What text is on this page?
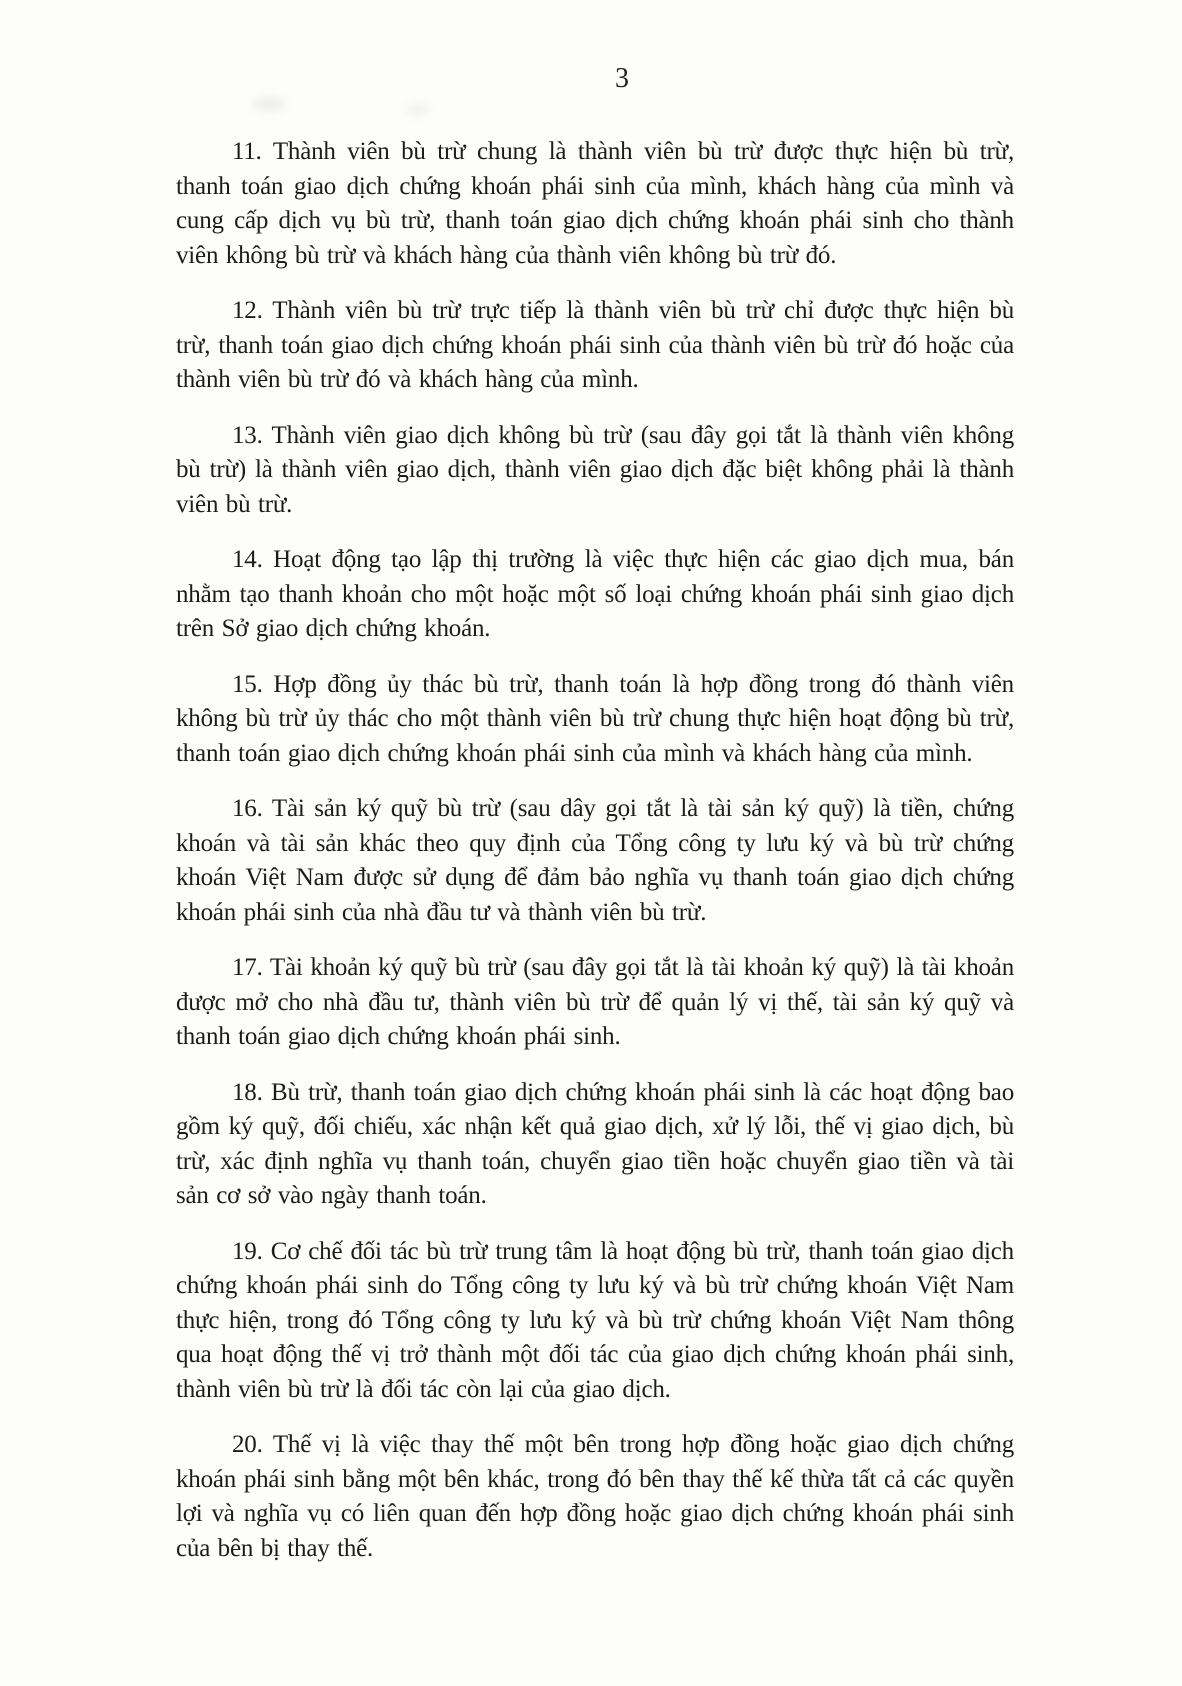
3

11. Thành viên bù trừ chung là thành viên bù trừ được thực hiện bù trừ, thanh toán giao dịch chứng khoán phái sinh của mình, khách hàng của mình và cung cấp dịch vụ bù trừ, thanh toán giao dịch chứng khoán phái sinh cho thành viên không bù trừ và khách hàng của thành viên không bù trừ đó.

12. Thành viên bù trừ trực tiếp là thành viên bù trừ chỉ được thực hiện bù trừ, thanh toán giao dịch chứng khoán phái sinh của thành viên bù trừ đó hoặc của thành viên bù trừ đó và khách hàng của mình.

13. Thành viên giao dịch không bù trừ (sau đây gọi tắt là thành viên không bù trừ) là thành viên giao dịch, thành viên giao dịch đặc biệt không phải là thành viên bù trừ.

14. Hoạt động tạo lập thị trường là việc thực hiện các giao dịch mua, bán nhằm tạo thanh khoản cho một hoặc một số loại chứng khoán phái sinh giao dịch trên Sở giao dịch chứng khoán.

15. Hợp đồng ủy thác bù trừ, thanh toán là hợp đồng trong đó thành viên không bù trừ ủy thác cho một thành viên bù trừ chung thực hiện hoạt động bù trừ, thanh toán giao dịch chứng khoán phái sinh của mình và khách hàng của mình.

16. Tài sản ký quỹ bù trừ (sau dây gọi tắt là tài sản ký quỹ) là tiền, chứng khoán và tài sản khác theo quy định của Tổng công ty lưu ký và bù trừ chứng khoán Việt Nam được sử dụng để đảm bảo nghĩa vụ thanh toán giao dịch chứng khoán phái sinh của nhà đầu tư và thành viên bù trừ.

17. Tài khoản ký quỹ bù trừ (sau đây gọi tắt là tài khoản ký quỹ) là tài khoản được mở cho nhà đầu tư, thành viên bù trừ để quản lý vị thế, tài sản ký quỹ và thanh toán giao dịch chứng khoán phái sinh.

18. Bù trừ, thanh toán giao dịch chứng khoán phái sinh là các hoạt động bao gồm ký quỹ, đối chiếu, xác nhận kết quả giao dịch, xử lý lỗi, thế vị giao dịch, bù trừ, xác định nghĩa vụ thanh toán, chuyển giao tiền hoặc chuyển giao tiền và tài sản cơ sở vào ngày thanh toán.

19. Cơ chế đối tác bù trừ trung tâm là hoạt động bù trừ, thanh toán giao dịch chứng khoán phái sinh do Tổng công ty lưu ký và bù trừ chứng khoán Việt Nam thực hiện, trong đó Tổng công ty lưu ký và bù trừ chứng khoán Việt Nam thông qua hoạt động thế vị trở thành một đối tác của giao dịch chứng khoán phái sinh, thành viên bù trừ là đối tác còn lại của giao dịch.

20. Thế vị là việc thay thế một bên trong hợp đồng hoặc giao dịch chứng khoán phái sinh bằng một bên khác, trong đó bên thay thế kế thừa tất cả các quyền lợi và nghĩa vụ có liên quan đến hợp đồng hoặc giao dịch chứng khoán phái sinh của bên bị thay thế.
